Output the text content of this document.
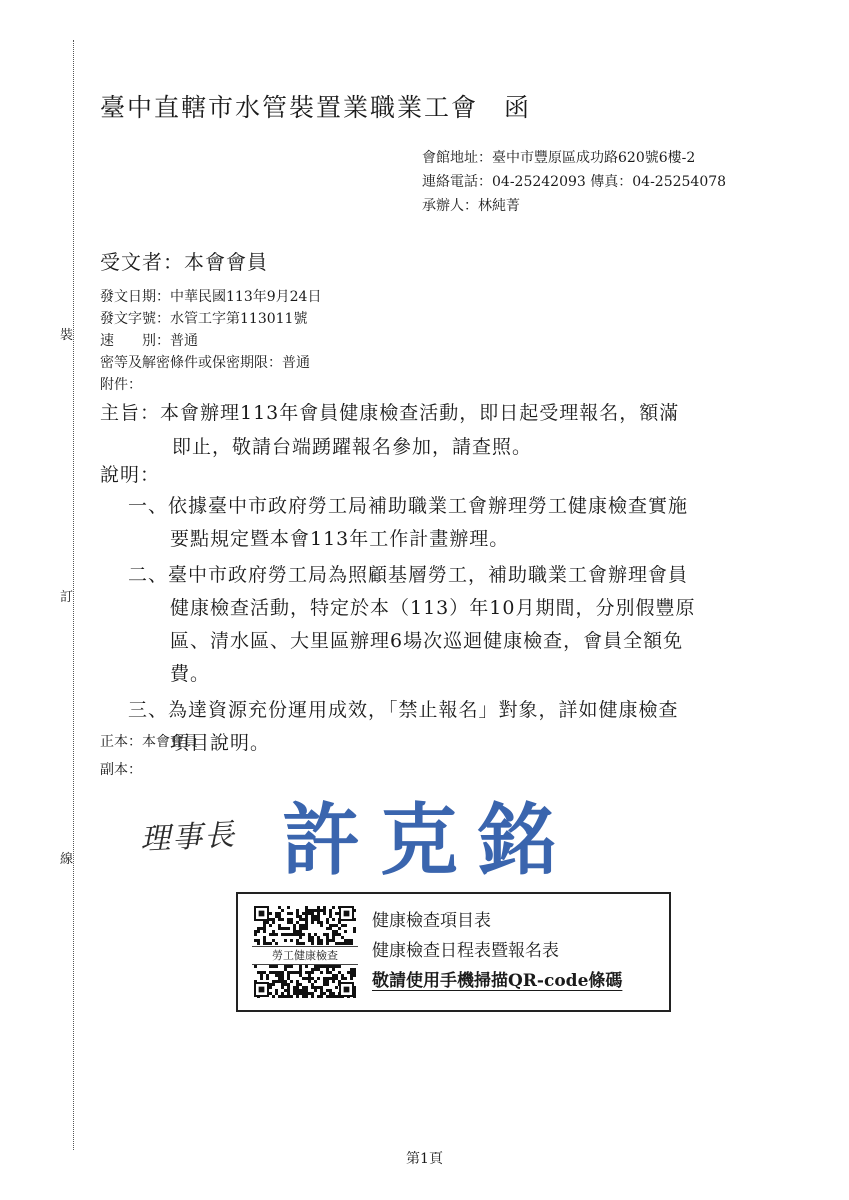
裝
訂
線
臺中直轄市水管裝置業職業工會 函
會館地址：臺中市豐原區成功路620號6樓-2
連絡電話：04-25242093 傳真：04-25254078
承辦人：林純菁
受文者：本會會員
發文日期：中華民國113年9月24日
發文字號：水管工字第113011號
速　　別：普通
密等及解密條件或保密期限：普通
附件：
主旨：本會辦理113年會員健康檢查活動，即日起受理報名，額滿
即止，敬請台端踴躍報名參加，請查照。
說明：
一、依據臺中市政府勞工局補助職業工會辦理勞工健康檢查實施
要點規定暨本會113年工作計畫辦理。
二、臺中市政府勞工局為照顧基層勞工，補助職業工會辦理會員
健康檢查活動，特定於本（113）年10月期間，分別假豐原
區、清水區、大里區辦理6場次巡迴健康檢查，會員全額免
費。
三、為達資源充份運用成效，「禁止報名」對象，詳如健康檢查
項目說明。
正本：本會會員
副本：
理事長 許克銘
勞工健康檢查
健康檢查項目表
健康檢查日程表暨報名表
敬請使用手機掃描QR-code條碼
第1頁
